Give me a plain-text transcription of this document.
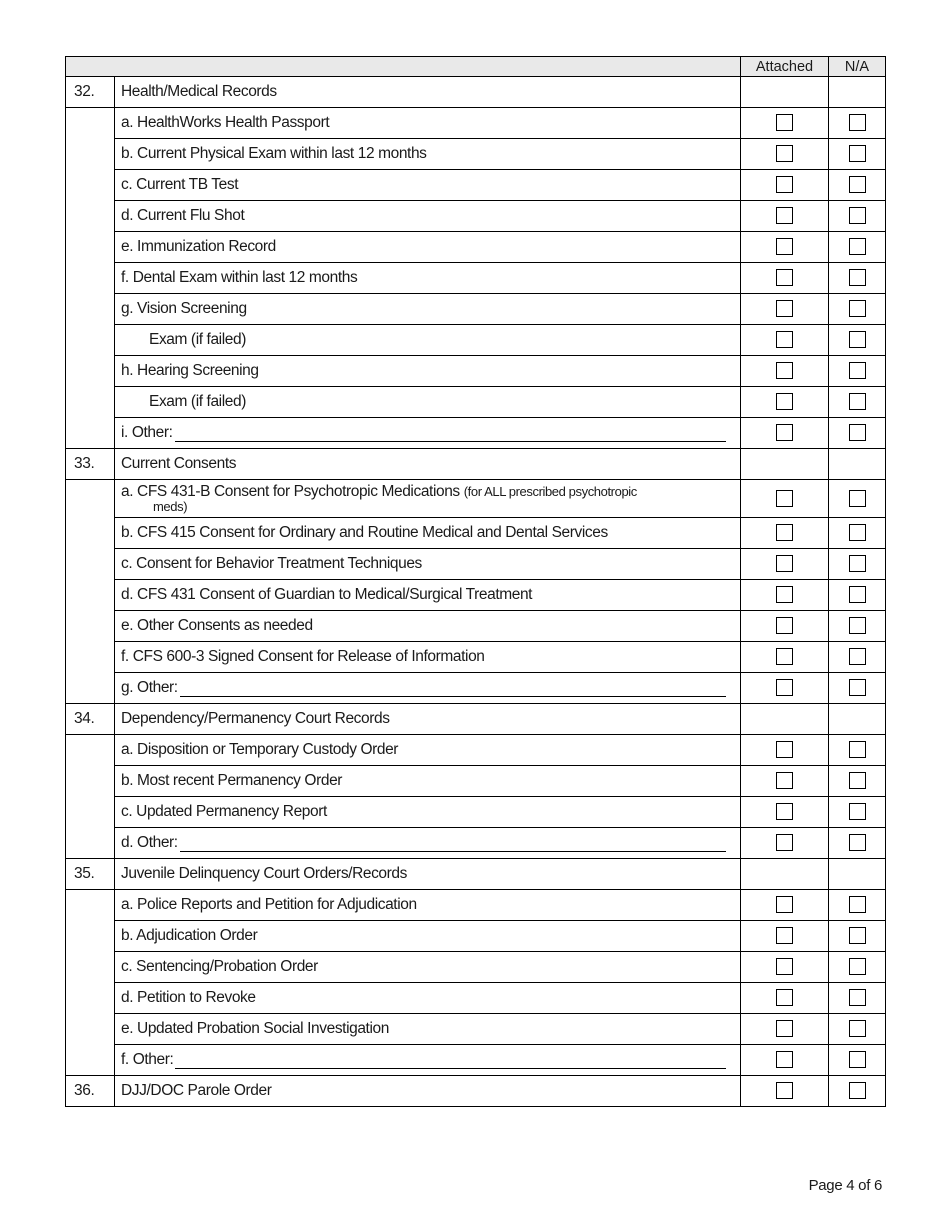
		Attached	N/A
32.	Health/Medical Records		
	a. HealthWorks Health Passport		
	b. Current Physical Exam within last 12 months		
	c. Current TB Test		
	d. Current Flu Shot		
	e. Immunization Record		
	f. Dental Exam within last 12 months		
	g. Vision Screening		
	Exam (if failed)		
	h. Hearing Screening		
	Exam (if failed)		

	i. Other:		

33.	Current Consents		

	a. CFS 431-B Consent for Psychotropic Medications (for ALL prescribed psychotropic
meds)		

	b. CFS 415 Consent for Ordinary and Routine Medical and Dental Services		
	c. Consent for Behavior Treatment Techniques		
	d. CFS 431 Consent of Guardian to Medical/Surgical Treatment		
	e. Other Consents as needed		
	f. CFS 600-3 Signed Consent for Release of Information		

	g. Other:		

34.	Dependency/Permanency Court Records		
	a. Disposition or Temporary Custody Order		
	b. Most recent Permanency Order		
	c. Updated Permanency Report		

	d. Other:		

35.	Juvenile Delinquency Court Orders/Records		
	a. Police Reports and Petition for Adjudication		
	b. Adjudication Order		
	c. Sentencing/Probation Order		
	d. Petition to Revoke		
	e. Updated Probation Social Investigation		

	f. Other:		

36.	DJJ/DOC Parole Order		
Page 4 of 6
